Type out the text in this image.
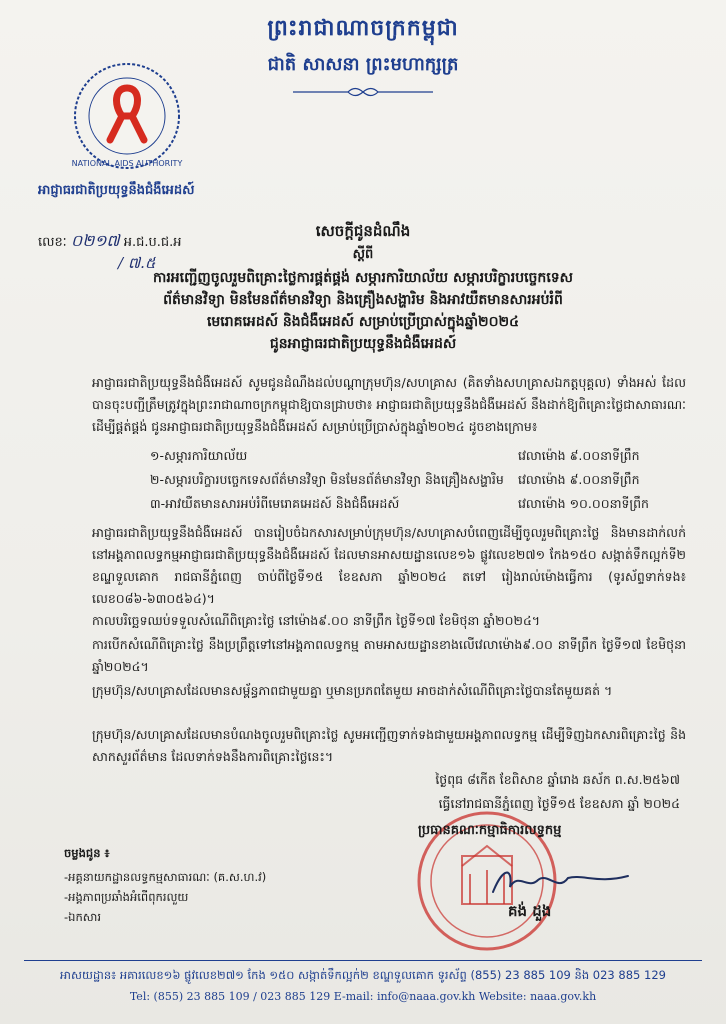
ព្រះរាជាណាចក្រកម្ពុជា
ជាតិ សាសនា ព្រះមហាក្សត្រ
NATIONAL AIDS AUTHORITY
អាជ្ញាធរជាតិប្រយុទ្ធនឹងជំងឺអេដស៍
លេខៈ ០២១៧ អ.ជ.ប.ជ.អ
/ ៧.៥
សេចក្តីជូនដំណឹង
ស្តីពី
ការអញ្ជើញចូលរួមពិគ្រោះថ្លៃការផ្គត់ផ្គង់ សម្ភារការិយាល័យ សម្ភារបរិក្ខារបច្ចេកទេស
ព័ត៌មានវិទ្យា មិនមែនព័ត៌មានវិទ្យា និងគ្រឿងសង្ហារិម និងអាវយឺតមានសារអប់រំពី
មេរោគអេដស៍ និងជំងឺអេដស៍ សម្រាប់ប្រើប្រាស់ក្នុងឆ្នាំ២០២៤
ជូនអាជ្ញាធរជាតិប្រយុទ្ធនឹងជំងឺអេដស៍
អាជ្ញាធរជាតិប្រយុទ្ធនឹងជំងឺអេដស៍ សូមជូនដំណឹងដល់បណ្តាក្រុមហ៊ុន/សហគ្រាស (គិតទាំងសហគ្រាសឯកត្តបុគ្គល) ទាំងអស់ ដែលបានចុះបញ្ជីត្រឹមត្រូវក្នុងព្រះរាជាណាចក្រកម្ពុជាឱ្យបានជ្រាបថា៖ អាជ្ញាធរជាតិប្រយុទ្ធនឹងជំងឺអេដស៍ នឹងដាក់ឱ្យពិគ្រោះថ្លៃជាសាធារណៈដើម្បីផ្គត់ផ្គង់ ជូនអាជ្ញាធរជាតិប្រយុទ្ធនឹងជំងឺអេដស៍ សម្រាប់ប្រើប្រាស់ក្នុងឆ្នាំ២០២៤ ដូចខាងក្រោម៖
១-សម្ភារការិយាល័យ	វេលាម៉ោង ៩.០០នាទីព្រឹក
២-សម្ភារបរិក្ខារបច្ចេកទេសព័ត៌មានវិទ្យា មិនមែនព័ត៌មានវិទ្យា និងគ្រឿងសង្ហារិម វេលាម៉ោង ៩.០០នាទីព្រឹក
៣-អាវយឺតមានសារអប់រំពីមេរោគអេដស៍ និងជំងឺអេដស៍	វេលាម៉ោង ១០.០០នាទីព្រឹក
អាជ្ញាធរជាតិប្រយុទ្ធនឹងជំងឺអេដស៍ បានរៀបចំឯកសារសម្រាប់ក្រុមហ៊ុន/សហគ្រាសបំពេញដើម្បីចូលរួមពិគ្រោះថ្លៃ និងមានដាក់លក់នៅអង្គភាពលទ្ធកម្មអាជ្ញាធរជាតិប្រយុទ្ធនឹងជំងឺអេដស៍ ដែលមានអាសយដ្ឋានលេខ១៦ ផ្លូវលេខ២៧១ កែង១៥០ សង្កាត់ទឹកល្អក់ទី២ ខណ្ឌទួលគោក រាជធានីភ្នំពេញ ចាប់ពីថ្ងៃទី១៥ ខែឧសភា ឆ្នាំ២០២៤ ត​ទៅ រៀងរាល់ម៉ោងធ្វើការ (ទូរស័ព្ទទាក់ទង៖លេខ០៨៦-៦៣០៥៦៤)។
កាលបរិច្ឆេទឈប់ទទួលសំណើពិគ្រោះថ្លៃ នៅម៉ោង៩.០០ នាទីព្រឹក ថ្ងៃទី១៧ ខែមិថុនា ឆ្នាំ២០២៤។
ការបើកសំណើពិគ្រោះថ្លៃ នឹងប្រព្រឹត្តទៅនៅអង្គភាពលទ្ធកម្ម តាមអាសយដ្ឋានខាងលើវេលាម៉ោង៩.០០ នាទីព្រឹក ថ្ងៃទី១៧ ខែមិថុនា ឆ្នាំ២០២៤។
ក្រុមហ៊ុន/សហគ្រាសដែលមានសម្ព័ន្ធភាពជាមួយគ្នា ឬមានប្រភពតែមួយ អាចដាក់សំណើពិគ្រោះថ្លៃបានតែមួយគត់ ។
ក្រុមហ៊ុន/សហគ្រាសដែលមានបំណងចូលរួមពិគ្រោះថ្លៃ សូមអញ្ជើញទាក់ទងជាមួយអង្គភាពលទ្ធកម្ម ដើម្បីទិញឯកសារពិគ្រោះថ្លៃ និងសាកសួរព័ត៌មាន ដែលទាក់ទងនឹងការពិគ្រោះថ្លៃនេះ។
ថ្ងៃពុធ ៨កើត ខែពិសាខ ឆ្នាំរោង ឆស័ក ព.ស.២៥៦៧
ធ្វើនៅរាជធានីភ្នំពេញ ថ្ងៃទី១៥ ខែឧសភា ឆ្នាំ ២០២៤
ប្រធានគណៈកម្មាធិការលទ្ធកម្ម
គង់ ដួង
ចម្លងជូន ៖
-អគ្គនាយកដ្ឋានលទ្ធកម្មសាធារណៈ (គ.ស.ហ.វ)
-អង្គភាពប្រឆាំងអំពើពុករលួយ
-ឯកសារ
អាសយដ្ឋាន៖ អគារលេខ១៦ ផ្លូវលេខ២៧១ កែង ១៥០ សង្កាត់ទឹកល្អក់២ ខណ្ឌទួលគោក ទូរស័ព្ទ (855) 23 885 109 និង 023 885 129
Tel: (855) 23 885 109 / 023 885 129 E-mail: info@naaa.gov.kh Website: naaa.gov.kh
